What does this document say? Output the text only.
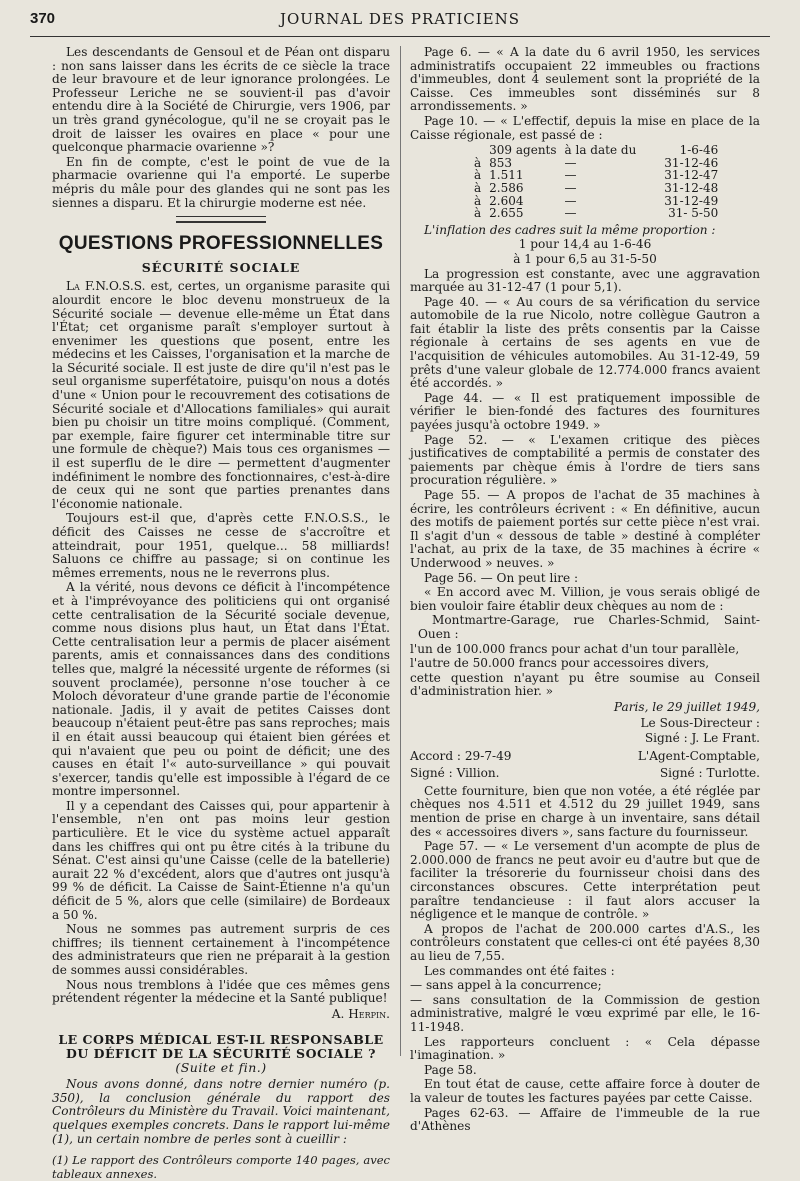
370	JOURNAL DES PRATICIENS

Les descendants de Gensoul et de Péan ont disparu : non sans laisser dans les écrits de ce siècle la trace de leur bravoure et de leur ignorance prolongées. Le Professeur Leriche ne se souvient-il pas d'avoir entendu dire à la Société de Chirurgie, vers 1906, par un très grand gynécologue, qu'il ne se croyait pas le droit de laisser les ovaires en place « pour une quelconque pharmacie ovarienne »?

En fin de compte, c'est le point de vue de la pharmacie ovarienne qui l'a emporté. Le superbe mépris du mâle pour des glandes qui ne sont pas les siennes a disparu. Et la chirurgie moderne est née.

QUESTIONS PROFESSIONNELLES
SÉCURITÉ SOCIALE

La F.N.O.S.S. est, certes, un organisme parasite qui alourdit encore le bloc devenu monstrueux de la Sécurité sociale — devenue elle-même un État dans l'État; cet organisme paraît s'employer surtout à envenimer les questions que posent, entre les médecins et les Caisses, l'organisation et la marche de la Sécurité sociale. Il est juste de dire qu'il n'est pas le seul organisme superfétatoire, puisqu'on nous a dotés d'une « Union pour le recouvrement des cotisations de Sécurité sociale et d'Allocations familiales» qui aurait bien pu choisir un titre moins compliqué. (Comment, par exemple, faire figurer cet interminable titre sur une formule de chèque?) Mais tous ces organismes — il est superflu de le dire — permettent d'augmenter indéfiniment le nombre des fonctionnaires, c'est-à-dire de ceux qui ne sont que parties prenantes dans l'économie nationale.

Toujours est-il que, d'après cette F.N.O.S.S., le déficit des Caisses ne cesse de s'accroître et atteindrait, pour 1951, quelque... 58 milliards! Saluons ce chiffre au passage; si on continue les mêmes errements, nous ne le reverrons plus.

A la vérité, nous devons ce déficit à l'incompétence et à l'imprévoyance des politiciens qui ont organisé cette centralisation de la Sécurité sociale devenue, comme nous disions plus haut, un État dans l'État. Cette centralisation leur a permis de placer aisément parents, amis et connaissances dans des conditions telles que, malgré la nécessité urgente de réformes (si souvent proclamée), personne n'ose toucher à ce Moloch dévorateur d'une grande partie de l'économie nationale. Jadis, il y avait de petites Caisses dont beaucoup n'étaient peut-être pas sans reproches; mais il en était aussi beaucoup qui étaient bien gérées et qui n'avaient que peu ou point de déficit; une des causes en était l'« auto-surveillance » qui pouvait s'exercer, tandis qu'elle est impossible à l'égard de ce montre impersonnel.

Il y a cependant des Caisses qui, pour appartenir à l'ensemble, n'en ont pas moins leur gestion particulière. Et le vice du système actuel apparaît dans les chiffres qui ont pu être cités à la tribune du Sénat. C'est ainsi qu'une Caisse (celle de la batellerie) aurait 22 % d'excédent, alors que d'autres ont jusqu'à 99 % de déficit. La Caisse de Saint-Étienne n'a qu'un déficit de 5 %, alors que celle (similaire) de Bordeaux a 50 %.

Nous ne sommes pas autrement surpris de ces chiffres; ils tiennent certainement à l'incompétence des administrateurs que rien ne préparait à la gestion de sommes aussi considérables.

Nous nous tremblons à l'idée que ces mêmes gens prétendent régenter la médecine et la Santé publique!

A. Herpin.
LE CORPS MÉDICAL EST-IL RESPONSABLE DU DÉFICIT DE LA SÉCURITÉ SOCIALE ? (Suite et fin.)

Nous avons donné, dans notre dernier numéro (p. 350), la conclusion générale du rapport des Contrôleurs du Ministère du Travail. Voici maintenant, quelques exemples concrets. Dans le rapport lui-même (1), un certain nombre de perles sont à cueillir :

(1) Le rapport des Contrôleurs comporte 140 pages, avec tableaux annexes.

Page 6. — « A la date du 6 avril 1950, les services administratifs occupaient 22 immeubles ou fractions d'immeubles, dont 4 seulement sont la propriété de la Caisse. Ces immeubles sont disséminés sur 8 arrondissements. »

Page 10. — « L'effectif, depuis la mise en place de la Caisse régionale, est passé de :

	309 agents	à la date du	1-6-46
à	853	—	31-12-46
à	1.511	—	31-12-47
à	2.586	—	31-12-48
à	2.604	—	31-12-49
à	2.655	—	31- 5-50

L'inflation des cadres suit la même proportion :

1 pour 14,4 au 1-6-46

à 1 pour 6,5 au 31-5-50

La progression est constante, avec une aggravation marquée au 31-12-47 (1 pour 5,1).

Page 40. — « Au cours de sa vérification du service automobile de la rue Nicolo, notre collègue Gautron a fait établir la liste des prêts consentis par la Caisse régionale à certains de ses agents en vue de l'acquisition de véhicules automobiles. Au 31-12-49, 59 prêts d'une valeur globale de 12.774.000 francs avaient été accordés. »

Page 44. — « Il est pratiquement impossible de vérifier le bien-fondé des factures des fournitures payées jusqu'à octobre 1949. »

Page 52. — « L'examen critique des pièces justificatives de comptabilité a permis de constater des paiements par chèque émis à l'ordre de tiers sans procuration régulière. »

Page 55. — A propos de l'achat de 35 machines à écrire, les contrôleurs écrivent : « En définitive, aucun des motifs de paiement portés sur cette pièce n'est vrai. Il s'agit d'un « dessous de table » destiné à compléter l'achat, au prix de la taxe, de 35 machines à écrire « Underwood » neuves. »

Page 56. — On peut lire :

« En accord avec M. Villion, je vous serais obligé de bien vouloir faire établir deux chèques au nom de :

Montmartre-Garage, rue Charles-Schmid, Saint-Ouen :

l'un de 100.000 francs pour achat d'un tour parallèle,

l'autre de 50.000 francs pour accessoires divers,

cette question n'ayant pu être soumise au Conseil d'administration hier. »

Paris, le 29 juillet 1949,
Le Sous-Directeur :
Signé : J. Le Frant.
Accord : 29-7-49	L'Agent-Comptable,
Signé : Villion.	Signé : Turlotte.

Cette fourniture, bien que non votée, a été réglée par chèques nos 4.511 et 4.512 du 29 juillet 1949, sans mention de prise en charge à un inventaire, sans détail des « accessoires divers », sans facture du fournisseur.

Page 57. — « Le versement d'un acompte de plus de 2.000.000 de francs ne peut avoir eu d'autre but que de faciliter la trésorerie du fournisseur choisi dans des circonstances obscures. Cette interprétation peut paraître tendancieuse : il faut alors accuser la négligence et le manque de contrôle. »

A propos de l'achat de 200.000 cartes d'A.S., les contrôleurs constatent que celles-ci ont été payées 8,30 au lieu de 7,55.

Les commandes ont été faites :

— sans appel à la concurrence;

— sans consultation de la Commission de gestion administrative, malgré le vœu exprimé par elle, le 16-11-1948.

Les rapporteurs concluent : « Cela dépasse l'imagination. »

Page 58.

En tout état de cause, cette affaire force à douter de la valeur de toutes les factures payées par cette Caisse.

Pages 62-63. — Affaire de l'immeuble de la rue d'Athènes
